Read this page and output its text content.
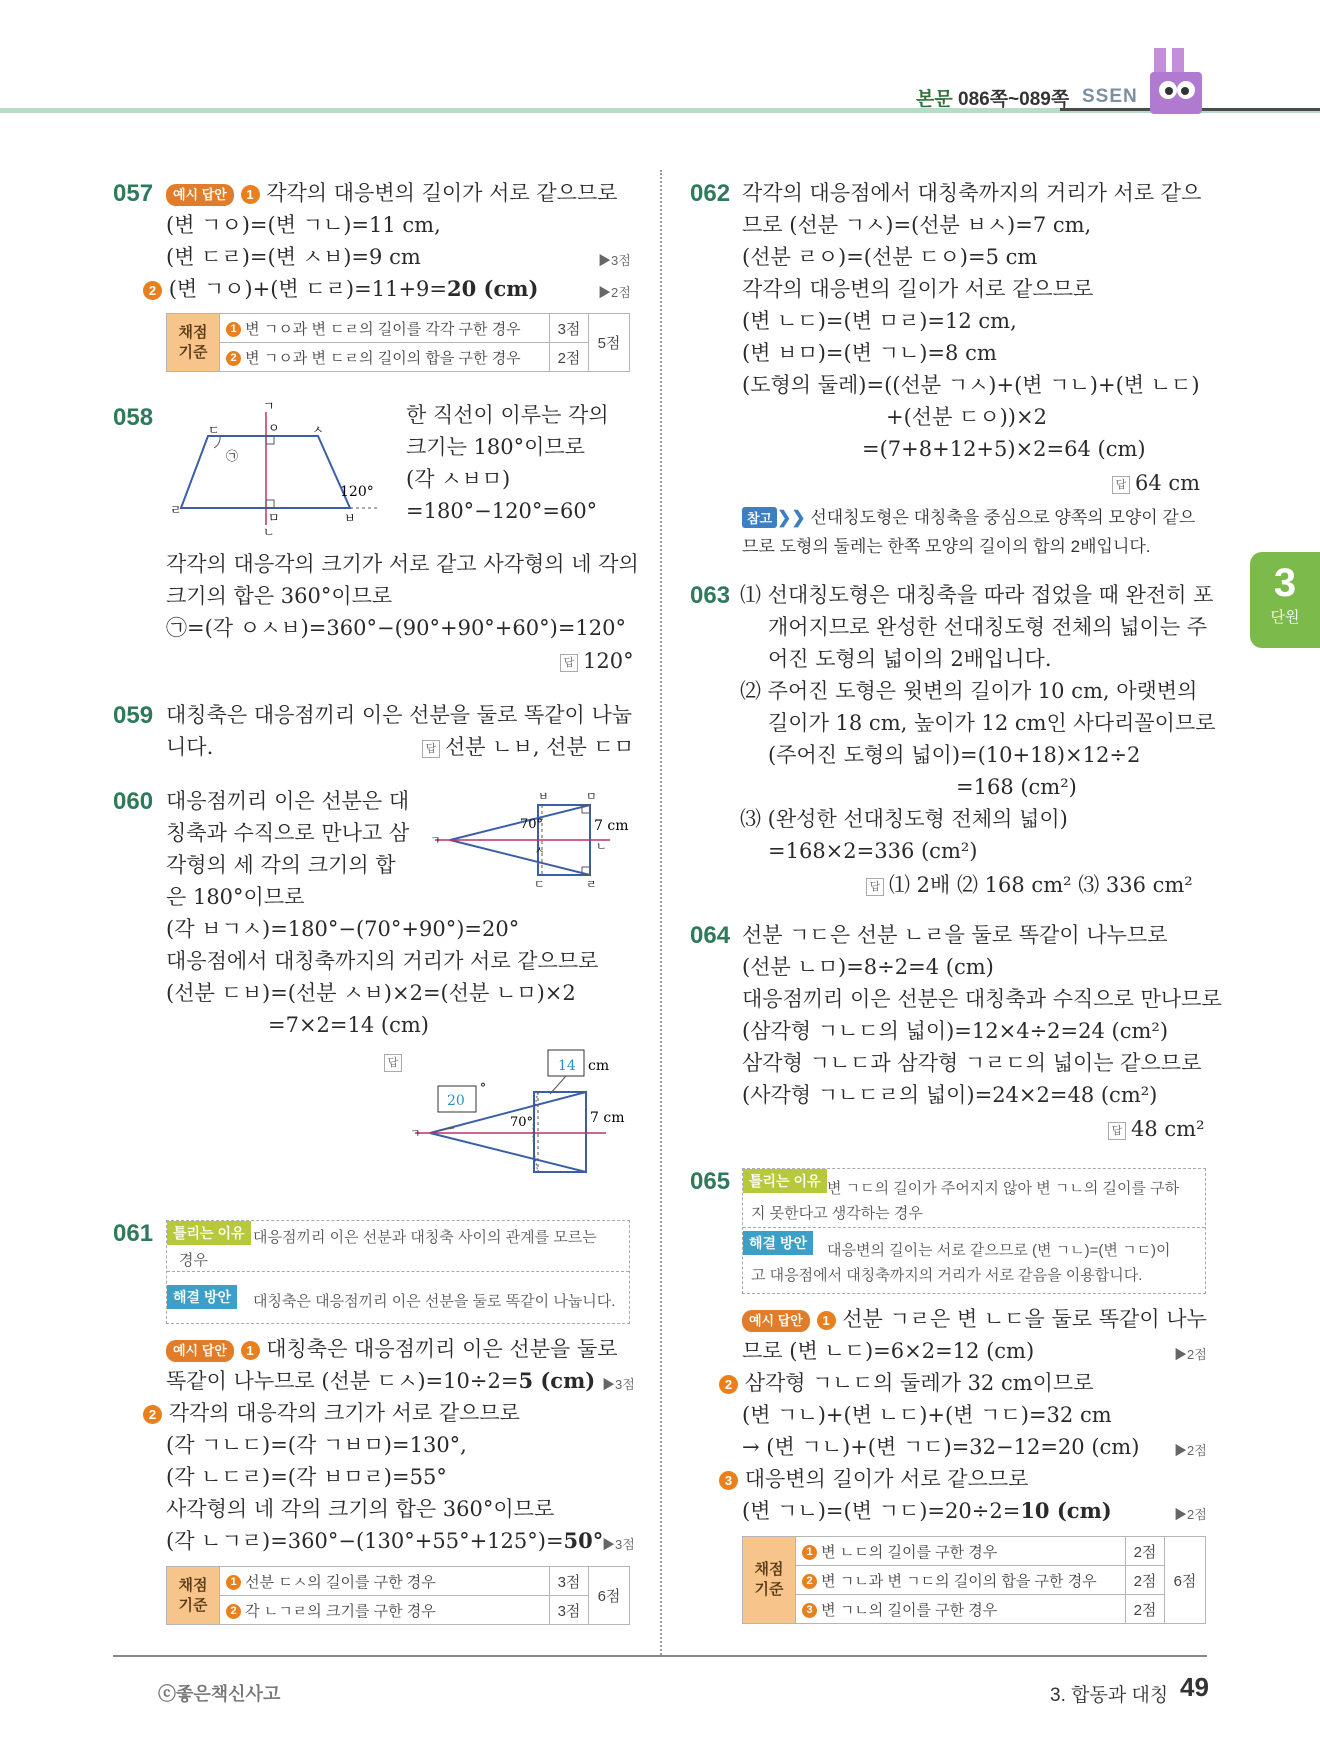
본문 086쪽~089쪽 SSEN
3
단원
057	예시 답안 1 각각의 대응변의 길이가 서로 같으므로
(변 ㄱㅇ)=(변 ㄱㄴ)=11 cm,
(변 ㄷㄹ)=(변 ㅅㅂ)=9 cm	▶3점
2 (변 ㄱㅇ)+(변 ㄷㄹ)=11+9=20 (cm)	▶2점
채점 기준	1 변 ㄱㅇ과 변 ㄷㄹ의 길이를 각각 구한 경우	3점	5점
	2 변 ㄱㅇ과 변 ㄷㄹ의 길이의 합을 구한 경우	2점	
058	ㄱ
ㅇ	ㅅ
ㄷ
㉠
120°
ㄹ
ㅁ	ㅂ
ㄴ
한 직선이 이루는 각의
크기는 180°이므로
(각 ㅅㅂㅁ)
=180°−120°=60°
각각의 대응각의 크기가 서로 같고 사각형의 네 각의
크기의 합은 360°이므로
㉠=(각 ㅇㅅㅂ)=360°−(90°+90°+60°)=120°
답 120°
059 대칭축은 대응점끼리 이은 선분을 둘로 똑같이 나눕
니다.	답 선분 ㄴㅂ, 선분 ㄷㅁ
060 대응점끼리 이은 선분은 대
칭축과 수직으로 만나고 삼
각형의 세 각의 크기의 합
은 180°이므로
70°	7 cm
ㄱ
ㅂ	ㅁ
ㅅ
ㄷ	ㄹ
ㄴ
(각 ㅂㄱㅅ)=180°−(70°+90°)=20°
대응점에서 대칭축까지의 거리가 서로 같으므로
(선분 ㄷㅂ)=(선분 ㅅㅂ)×2=(선분 ㄴㅁ)×2
=7×2=14 (cm)
답	14 cm
20
°
70°	7 cm
ㄱ
061	틀리는 이유 대응점끼리 이은 선분과 대칭축 사이의 관계를 모르는
경우
해결 방안	대칭축은 대응점끼리 이은 선분을 둘로 똑같이 나눕니다.
예시 답안 1 대칭축은 대응점끼리 이은 선분을 둘로
똑같이 나누므로 (선분 ㄷㅅ)=10÷2=5 (cm) ▶3점
2 각각의 대응각의 크기가 서로 같으므로
(각 ㄱㄴㄷ)=(각 ㄱㅂㅁ)=130°,
(각 ㄴㄷㄹ)=(각 ㅂㅁㄹ)=55°
사각형의 네 각의 크기의 합은 360°이므로
(각 ㄴㄱㄹ)=360°−(130°+55°+125°)=50°
▶3점
채점 기준	1 선분 ㄷㅅ의 길이를 구한 경우	3점	6점
	2 각 ㄴㄱㄹ의 크기를 구한 경우	3점	
062 각각의 대응점에서 대칭축까지의 거리가 서로 같으
므로 (선분 ㄱㅅ)=(선분 ㅂㅅ)=7 cm,
(선분 ㄹㅇ)=(선분 ㄷㅇ)=5 cm
각각의 대응변의 길이가 서로 같으므로
(변 ㄴㄷ)=(변 ㅁㄹ)=12 cm,
(변 ㅂㅁ)=(변 ㄱㄴ)=8 cm
(도형의 둘레)=((선분 ㄱㅅ)+(변 ㄱㄴ)+(변 ㄴㄷ)
+(선분 ㄷㅇ))×2
=(7+8+12+5)×2=64 (cm)
답 64 cm
참고 ❯❯ 선대칭도형은 대칭축을 중심으로 양쪽의 모양이 같으
므로 도형의 둘레는 한쪽 모양의 길이의 합의 2배입니다.
063 ⑴ 선대칭도형은 대칭축을 따라 접었을 때 완전히 포
개어지므로 완성한 선대칭도형 전체의 넓이는 주
어진 도형의 넓이의 2배입니다.
⑵ 주어진 도형은 윗변의 길이가 10 cm, 아랫변의
길이가 18 cm, 높이가 12 cm인 사다리꼴이므로
(주어진 도형의 넓이)=(10+18)×12÷2
=168 (cm²)
⑶ (완성한 선대칭도형 전체의 넓이)
=168×2=336 (cm²)
답 ⑴ 2배 ⑵ 168 cm² ⑶ 336 cm²
064 선분 ㄱㄷ은 선분 ㄴㄹ을 둘로 똑같이 나누므로
(선분 ㄴㅁ)=8÷2=4 (cm)
대응점끼리 이은 선분은 대칭축과 수직으로 만나므로
(삼각형 ㄱㄴㄷ의 넓이)=12×4÷2=24 (cm²)
삼각형 ㄱㄴㄷ과 삼각형 ㄱㄹㄷ의 넓이는 같으므로
(사각형 ㄱㄴㄷㄹ의 넓이)=24×2=48 (cm²)
답 48 cm²
065	틀리는 이유 변 ㄱㄷ의 길이가 주어지지 않아 변 ㄱㄴ의 길이를 구하
지 못한다고 생각하는 경우
해결 방안	대응변의 길이는 서로 같으므로 (변 ㄱㄴ)=(변 ㄱㄷ)이
고 대응점에서 대칭축까지의 거리가 서로 같음을 이용합니다.
예시 답안 1 선분 ㄱㄹ은 변 ㄴㄷ을 둘로 똑같이 나누
므로 (변 ㄴㄷ)=6×2=12 (cm)	▶2점
2 삼각형 ㄱㄴㄷ의 둘레가 32 cm이므로
(변 ㄱㄴ)+(변 ㄴㄷ)+(변 ㄱㄷ)=32 cm
→ (변 ㄱㄴ)+(변 ㄱㄷ)=32−12=20 (cm)	▶2점
3 대응변의 길이가 서로 같으므로
(변 ㄱㄴ)=(변 ㄱㄷ)=20÷2=10 (cm)	▶2점
채점 기준	1 변 ㄴㄷ의 길이를 구한 경우	2점	6점
	2 변 ㄱㄴ과 변 ㄱㄷ의 길이의 합을 구한 경우	2점	
	3 변 ㄱㄴ의 길이를 구한 경우	2점	
ⓒ좋은책신사고	3. 합동과 대칭 49
